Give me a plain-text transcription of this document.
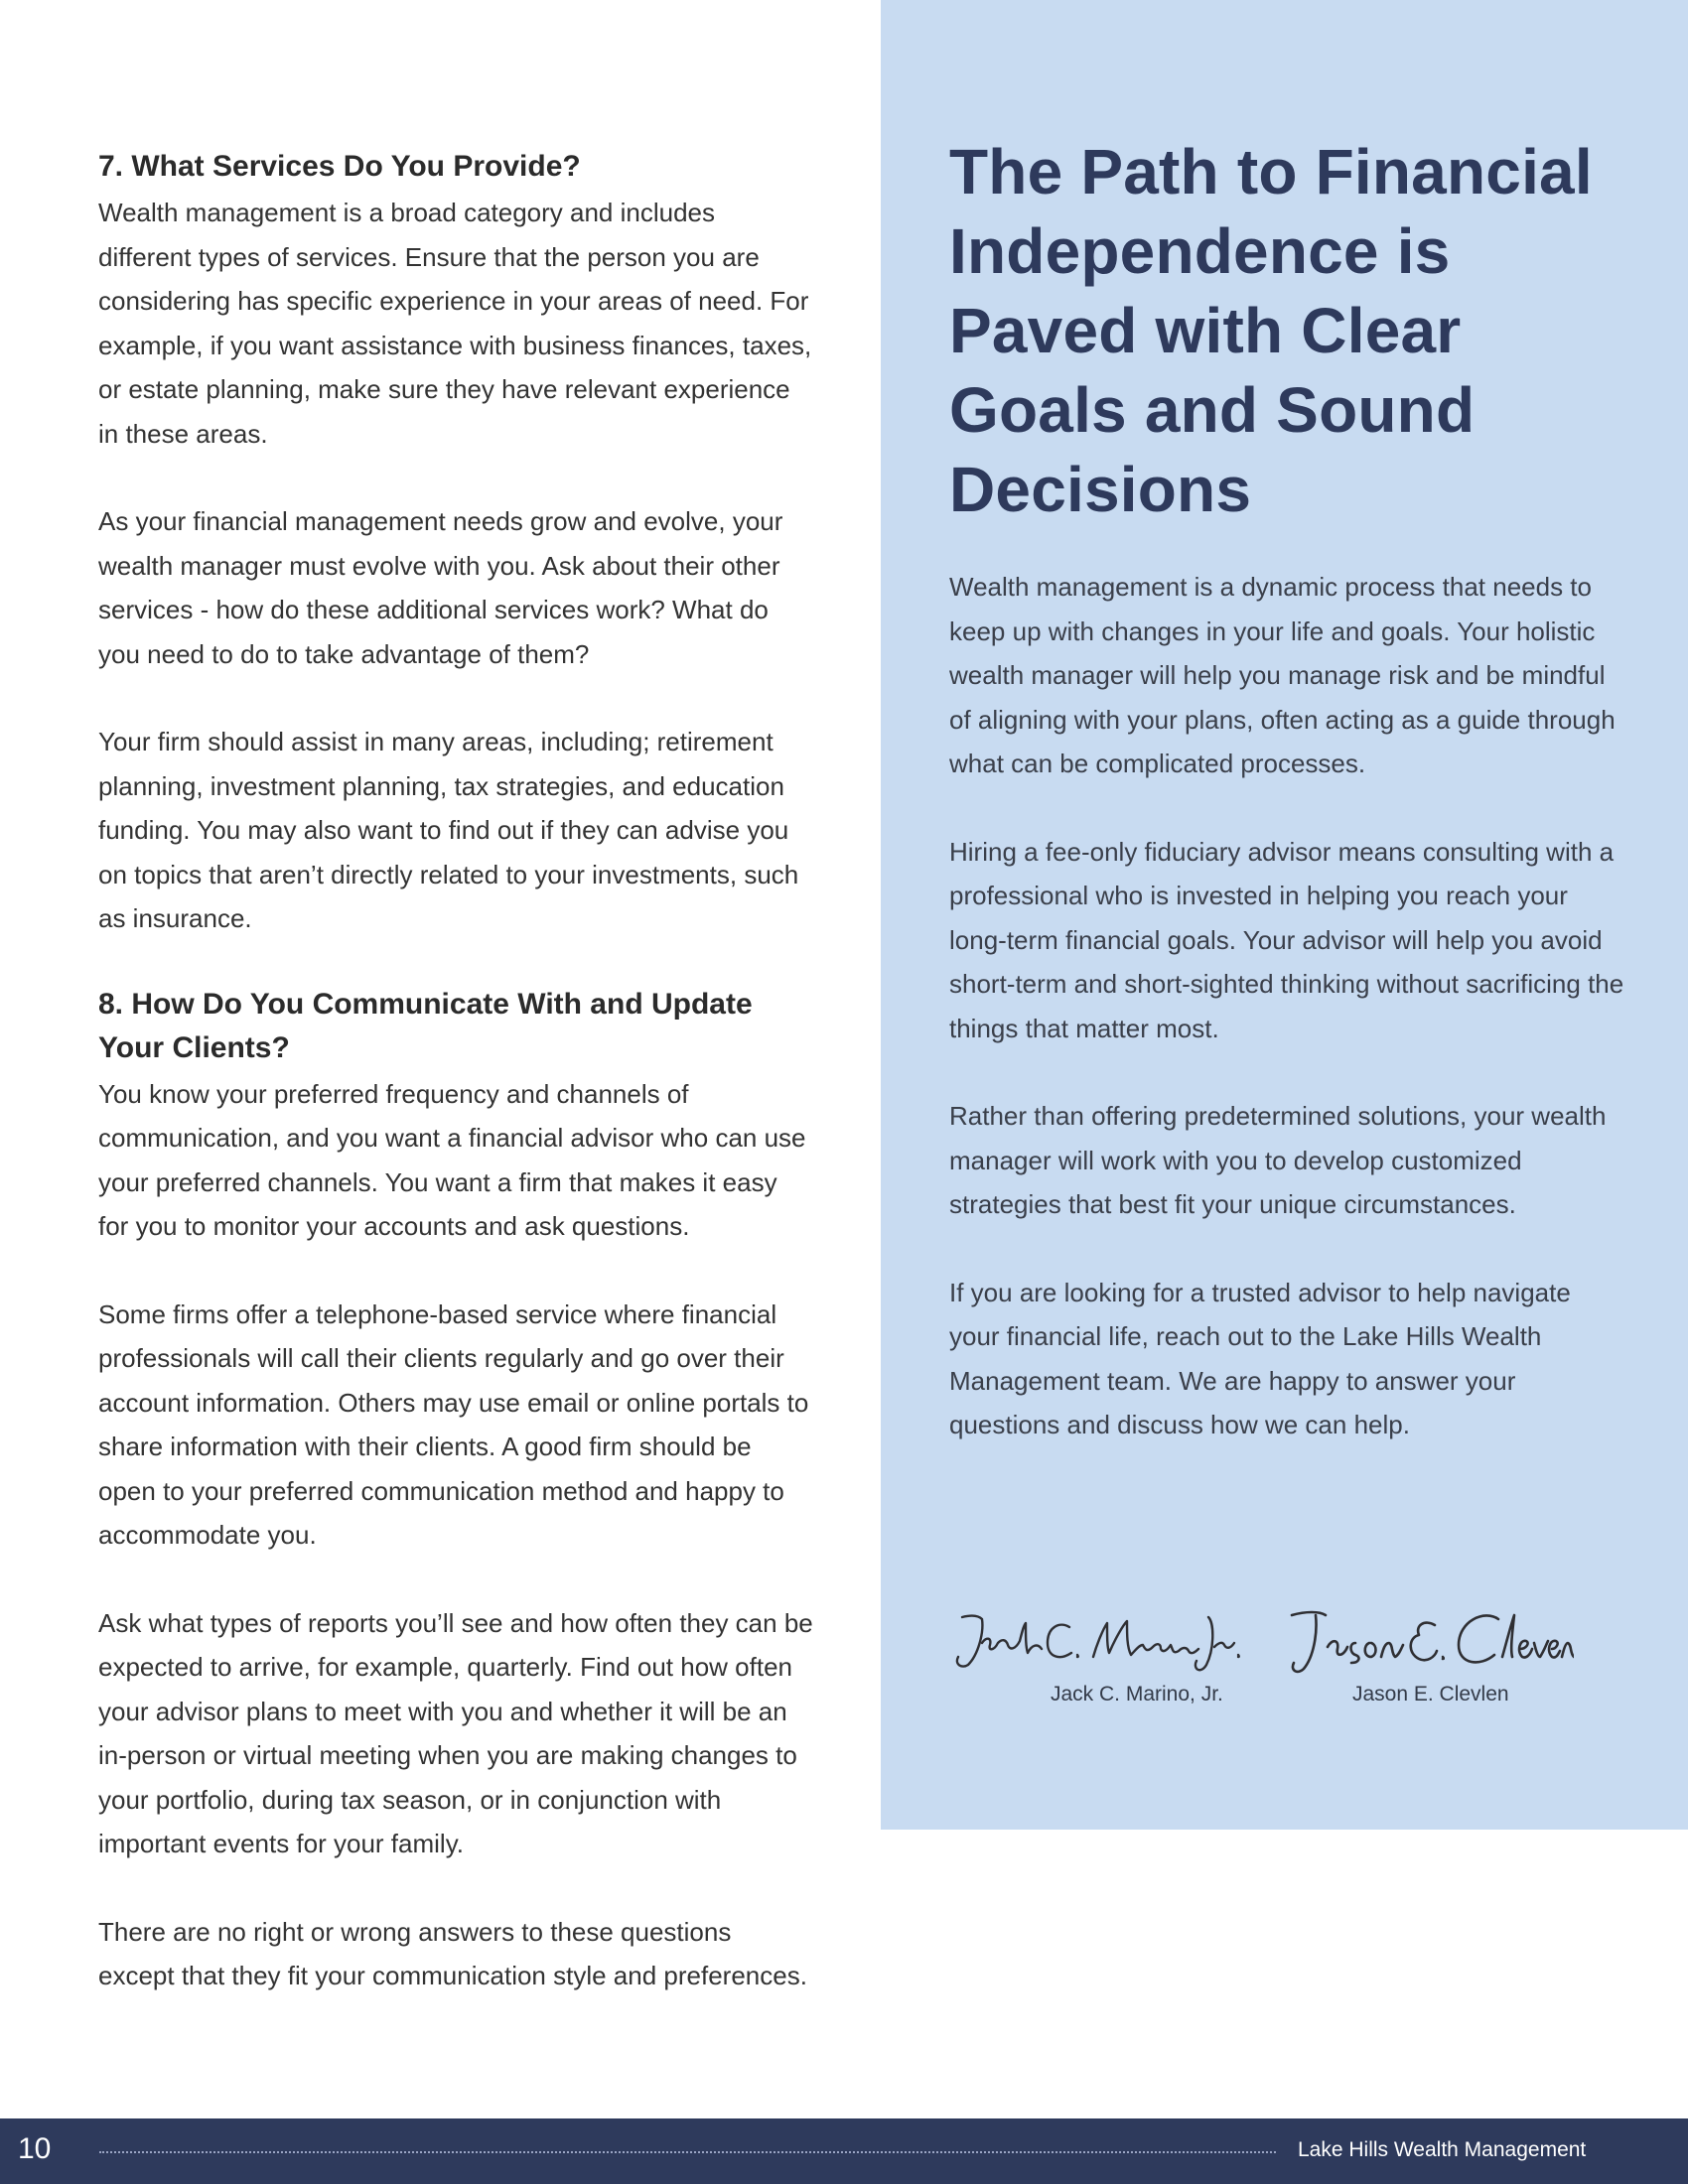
7. What Services Do You Provide?

Wealth management is a broad category and includes different types of services. Ensure that the person you are considering has specific experience in your areas of need. For example, if you want assistance with business finances, taxes, or estate planning, make sure they have relevant experience in these areas.

As your financial management needs grow and evolve, your wealth manager must evolve with you. Ask about their other services - how do these additional services work? What do you need to do to take advantage of them?

Your firm should assist in many areas, including; retirement planning, investment planning, tax strategies, and education funding. You may also want to find out if they can advise you on topics that aren’t directly related to your investments, such as insurance.

8. How Do You Communicate With and Update Your Clients?

You know your preferred frequency and channels of communication, and you want a financial advisor who can use your preferred channels. You want a firm that makes it easy for you to monitor your accounts and ask questions.

Some firms offer a telephone-based service where financial professionals will call their clients regularly and go over their account information. Others may use email or online portals to share information with their clients. A good firm should be open to your preferred communication method and happy to accommodate you.

Ask what types of reports you’ll see and how often they can be expected to arrive, for example, quarterly. Find out how often your advisor plans to meet with you and whether it will be an in-person or virtual meeting when you are making changes to your portfolio, during tax season, or in conjunction with important events for your family.

There are no right or wrong answers to these questions except that they fit your communication style and preferences.

The Path to Financial Independence is Paved with Clear Goals and Sound Decisions

Wealth management is a dynamic process that needs to keep up with changes in your life and goals. Your holistic wealth manager will help you manage risk and be mindful of aligning with your plans, often acting as a guide through what can be complicated processes.

Hiring a fee-only fiduciary advisor means consulting with a professional who is invested in helping you reach your long-term financial goals. Your advisor will help you avoid short-term and short-sighted thinking without sacrificing the things that matter most.

Rather than offering predetermined solutions, your wealth manager will work with you to develop customized strategies that best fit your unique circumstances.

If you are looking for a trusted advisor to help navigate your financial life, reach out to the Lake Hills Wealth Management team. We are happy to answer your questions and discuss how we can help.

Jack C. Marino, Jr.	Jason E. Clevlen
10	Lake Hills Wealth Management
